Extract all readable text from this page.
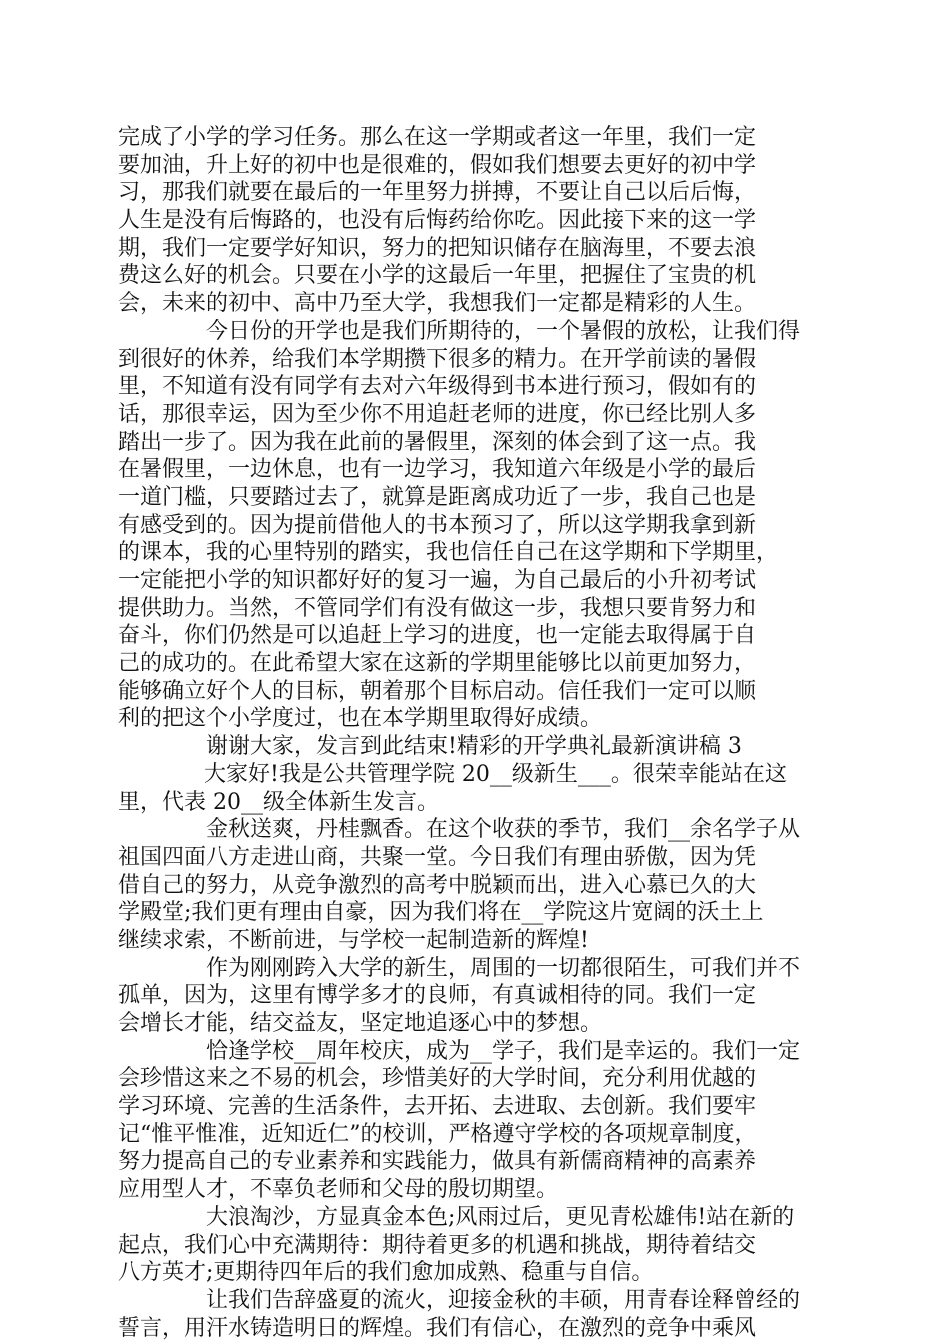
完成了小学的学习任务。那么在这一学期或者这一年里，我们一定
要加油，升上好的初中也是很难的，假如我们想要去更好的初中学
习，那我们就要在最后的一年里努力拼搏，不要让自己以后后悔，
人生是没有后悔路的，也没有后悔药给你吃。因此接下来的这一学
期，我们一定要学好知识，努力的把知识储存在脑海里，不要去浪
费这么好的机会。只要在小学的这最后一年里，把握住了宝贵的机
会，未来的初中、高中乃至大学，我想我们一定都是精彩的人生。
今日份的开学也是我们所期待的，一个暑假的放松，让我们得
到很好的休养，给我们本学期攒下很多的精力。在开学前读的暑假
里，不知道有没有同学有去对六年级得到书本进行预习，假如有的
话，那很幸运，因为至少你不用追赶老师的进度，你已经比别人多
踏出一步了。因为我在此前的暑假里，深刻的体会到了这一点。我
在暑假里，一边休息，也有一边学习，我知道六年级是小学的最后
一道门槛，只要踏过去了，就算是距离成功近了一步，我自己也是
有感受到的。因为提前借他人的书本预习了，所以这学期我拿到新
的课本，我的心里特别的踏实，我也信任自己在这学期和下学期里，
一定能把小学的知识都好好的复习一遍，为自己最后的小升初考试
提供助力。当然，不管同学们有没有做这一步，我想只要肯努力和
奋斗，你们仍然是可以追赶上学习的进度，也一定能去取得属于自
己的成功的。在此希望大家在这新的学期里能够比以前更加努力，
能够确立好个人的目标，朝着那个目标启动。信任我们一定可以顺
利的把这个小学度过，也在本学期里取得好成绩。
谢谢大家，发言到此结束!精彩的开学典礼最新演讲稿 3
大家好!我是公共管理学院 20__级新生___。很荣幸能站在这
里，代表 20__级全体新生发言。
金秋送爽，丹桂飘香。在这个收获的季节，我们__余名学子从
祖国四面八方走进山商，共聚一堂。今日我们有理由骄傲，因为凭
借自己的努力，从竞争激烈的高考中脱颖而出，进入心慕已久的大
学殿堂;我们更有理由自豪，因为我们将在__学院这片宽阔的沃土上
继续求索，不断前进，与学校一起制造新的辉煌!
作为刚刚跨入大学的新生，周围的一切都很陌生，可我们并不
孤单，因为，这里有博学多才的良师，有真诚相待的同。我们一定
会增长才能，结交益友，坚定地追逐心中的梦想。
恰逢学校__周年校庆，成为__学子，我们是幸运的。我们一定
会珍惜这来之不易的机会，珍惜美好的大学时间，充分利用优越的
学习环境、完善的生活条件，去开拓、去进取、去创新。我们要牢
记“惟平惟准，近知近仁”的校训，严格遵守学校的各项规章制度，
努力提高自己的专业素养和实践能力，做具有新儒商精神的高素养
应用型人才，不辜负老师和父母的殷切期望。
大浪淘沙，方显真金本色;风雨过后，更见青松雄伟!站在新的
起点，我们心中充满期待：期待着更多的机遇和挑战，期待着结交
八方英才;更期待四年后的我们愈加成熟、稳重与自信。
让我们告辞盛夏的流火，迎接金秋的丰硕，用青春诠释曾经的
誓言，用汗水铸造明日的辉煌。我们有信心，在激烈的竞争中乘风
